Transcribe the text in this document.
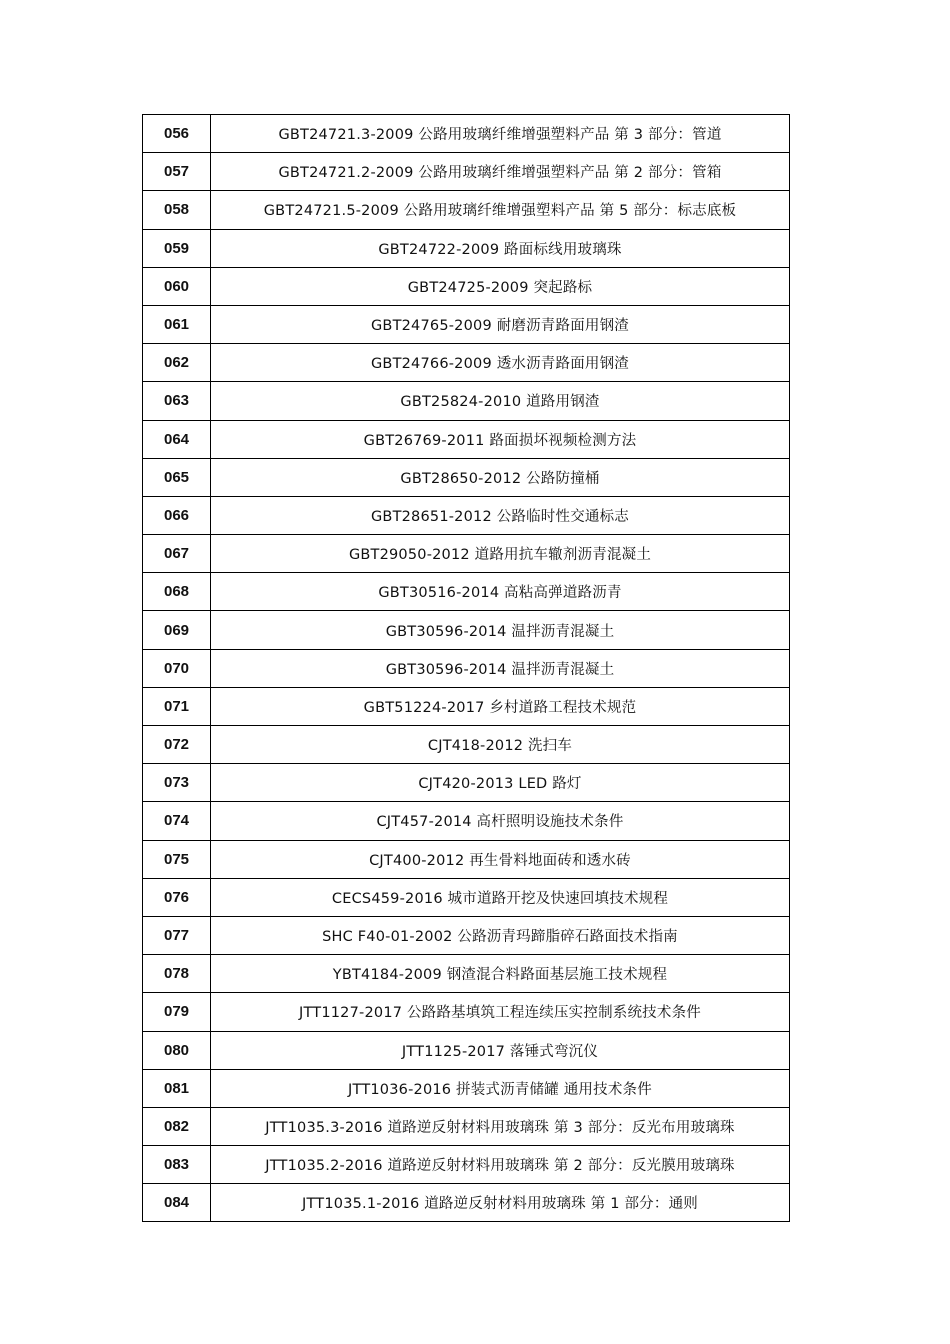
056	GBT24721.3-2009 公路用玻璃纤维增强塑料产品 第 3 部分：管道
057	GBT24721.2-2009 公路用玻璃纤维增强塑料产品 第 2 部分：管箱
058	GBT24721.5-2009 公路用玻璃纤维增强塑料产品 第 5 部分：标志底板
059	GBT24722-2009 路面标线用玻璃珠
060	GBT24725-2009 突起路标
061	GBT24765-2009 耐磨沥青路面用钢渣
062	GBT24766-2009 透水沥青路面用钢渣
063	GBT25824-2010 道路用钢渣
064	GBT26769-2011 路面损坏视频检测方法
065	GBT28650-2012 公路防撞桶
066	GBT28651-2012 公路临时性交通标志
067	GBT29050-2012 道路用抗车辙剂沥青混凝土
068	GBT30516-2014 高粘高弹道路沥青
069	GBT30596-2014 温拌沥青混凝土
070	GBT30596-2014 温拌沥青混凝土
071	GBT51224-2017 乡村道路工程技术规范
072	CJT418-2012 洗扫车
073	CJT420-2013 LED 路灯
074	CJT457-2014 高杆照明设施技术条件
075	CJT400-2012 再生骨料地面砖和透水砖
076	CECS459-2016 城市道路开挖及快速回填技术规程
077	SHC F40-01-2002 公路沥青玛蹄脂碎石路面技术指南
078	YBT4184-2009 钢渣混合料路面基层施工技术规程
079	JTT1127-2017 公路路基填筑工程连续压实控制系统技术条件
080	JTT1125-2017 落锤式弯沉仪
081	JTT1036-2016 拼装式沥青储罐 通用技术条件
082	JTT1035.3-2016 道路逆反射材料用玻璃珠 第 3 部分：反光布用玻璃珠
083	JTT1035.2-2016 道路逆反射材料用玻璃珠 第 2 部分：反光膜用玻璃珠
084	JTT1035.1-2016 道路逆反射材料用玻璃珠 第 1 部分：通则
